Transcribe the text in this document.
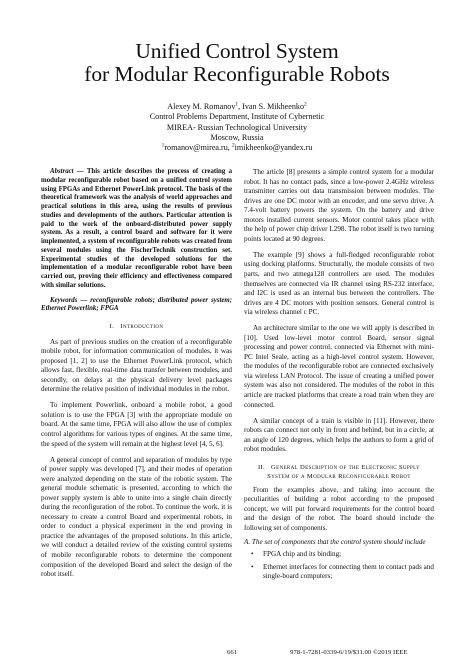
Unified Control System
for Modular Reconfigurable Robots
Alexey M. Romanov$^1$, Ivan S. Mikheenko$^2$
Control Problems Department, Institute of Cybernetic
MIREA- Russian Technological University
Moscow, Russia
$^1$romanov@mirea.ru, $^2$imikheenko@yandex.ru

Abstract — This article describes the process of creating a modular reconfigurable robot based on a unified control system using FPGAs and Ethernet PowerLink protocol. The basis of the theoretical framework was the analysis of world approaches and practical solutions in this area, using the results of previous studies and developments of the authors. Particular attention is paid to the work of the onboard-distributed power supply system. As a result, a control board and software for it were implemented, a system of reconfigurable robots was created from several modules using the FischerTechnik construction set. Experimental studies of the developed solutions for the implementation of a modular reconfigurable robot have been carried out, proving their efficiency and effectiveness compared with similar solutions.

Keywords — reconfigurable robots; distributed power system; Ethernet Powerlink; FPGA

I. Introduction

As part of previous studies on the creation of a reconfigurable mobile robot, for information communication of modules, it was proposed [1, 2] to use the Ethernet PowerLink protocol, which allows fast, flexible, real-time data transfer between modules, and secondly, on delays at the physical delivery level packages determine the relative position of individual modules in the robot.

To implement Powerlink, onboard a mobile robot, a good solution is to use the FPGA [3] with the appropriate module on board. At the same time, FPGA will also allow the use of complex control algorithms for various types of engines. At the same time, the speed of the system will remain at the highest level [4, 5, 6].

A general concept of control and separation of modules by type of power supply was developed [7], and their modes of operation were analyzed depending on the state of the robotic system. The general module schematic is presented, according to which the power supply system is able to unite into a single chain directly during the reconfiguration of the robot. To continue the work, it is necessary to create a control Board and experimental robots, in order to conduct a physical experiment in the end proving in practice the advantages of the proposed solutions. In this article, we will conduct a detailed review of the existing control systems of mobile reconfigurable robots to determine the component composition of the developed Board and select the design of the robot itself.

The article [8] presents a simple control system for a modular robot. It has no contact pads, since a low-power 2.4GHz wireless transmitter carries out data transmission between modules. The drives are one DC motor with an encoder, and one servo drive. A 7.4-volt battery powers the system. On the battery and drive motors installed current sensors. Motor control takes place with the help of power chip driver L298. The robot itself is two turning points located at 90 degrees.

The example [9] shows a full-fledged reconfigurable robot using docking platforms. Structurally, the module consists of two parts, and two atmega128 controllers are used. The modules themselves are connected via IR channel using RS-232 interface, and I2C is used as an internal bus between the controllers. The drives are 4 DC motors with position sensors. General control is via wireless channel c PC.

An architecture similar to the one we will apply is described in [10]. Used low-level motor control Board, sensor signal processing and power control, connected via Ethernet with mini-PC Intel Seale, acting as a high-level control system. However, the modules of the reconfigurable robot are connected exclusively via wireless LAN Protocol. The issue of creating a unified power system was also not considered. The modules of the robot in this article are tracked platforms that create a road train when they are connected.

A similar concept of a train is visible in [11]. However, there robots can connect not only in front and behind, but in a circle, at an angle of 120 degrees, which helps the authors to form a grid of robot modules.

II. General Description of the Electronic Supply
System of a Modular Reconfigurable Robot

From the examples above, and taking into account the peculiarities of building a robot according to the proposed concept, we will put forward requirements for the control board and the design of the robot. The board should include the following set of components.

A. The set of components that the control system should include

• FPGA chip and its binding;
• Ethernet interfaces for connecting them to contact pads and single-board computers;
661	978-1-7281-0339-6/19/$31.00 ©2019 IEEE
